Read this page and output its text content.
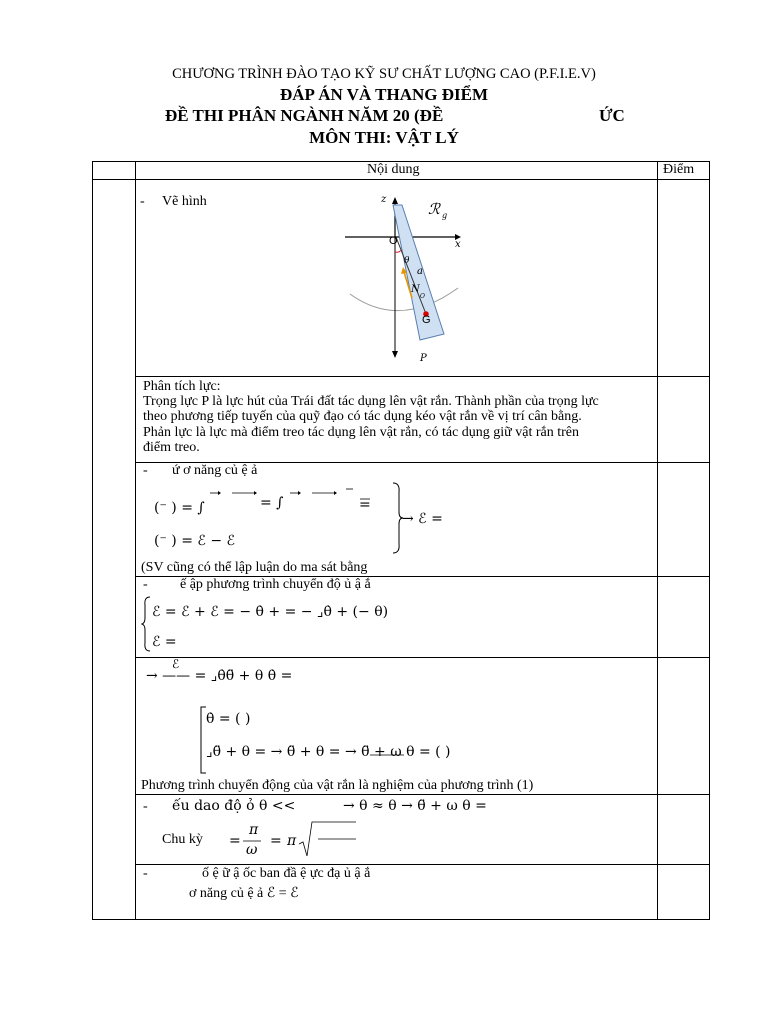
CHƯƠNG TRÌNH ĐÀO TẠO KỸ SƯ CHẤT LƯỢNG CAO (P.F.I.E.V)
ĐÁP ÁN VÀ THANG ĐIỂM
ĐỀ THI PHÂN NGÀNH NĂM 20 (ĐỀ	ỨC
MÔN THI: VẬT LÝ
Nội dung	Điểm
- Vẽ hình	ℛ g
z
x
O
θ
a
N
O
G
P
Phân tích lực:
Trọng lực P là lực hút của Trái đất tác dụng lên vật rắn. Thành phần của trọng lực
theo phương tiếp tuyến của quỹ đạo có tác dụng kéo vật rắn về vị trí cân bằng.
Phản lực là lực mà điểm treo tác dụng lên vật rắn, có tác dụng giữ vật rắn trên
điểm treo.
- ứ ơ năng củ ệ ả
(⁻ ) = ∫	= ∫	=
(⁻ ) = ℰ − ℰ
→ ℰ =
(SV cũng có thể lập luận do ma sát bằng
- ế ập phương trình chuyển độ ủ ậ ắ
ℰ = ℰ + ℰ = − θ̇ + = − ⌟θ̇ + (− θ)
ℰ =
→ —— = ⌟θ̇θ̈ + θ θ̇ =
ℰ
θ̇ = ( )
⌟θ̈ + θ = → θ̈ + θ = → θ̈ + ω θ = ( )
Phương trình chuyển động của vật rắn là nghiệm của phương trình (1)
- ếu dao độ ỏ θ <<	→ θ ≈ θ → θ̈ + ω θ =
Chu kỳ =
π
ω
= π
-	ố ệ ữ ậ ốc ban đầ ệ ực đạ ủ ậ ắ
ơ năng củ ệ ả ℰ = ℰ
